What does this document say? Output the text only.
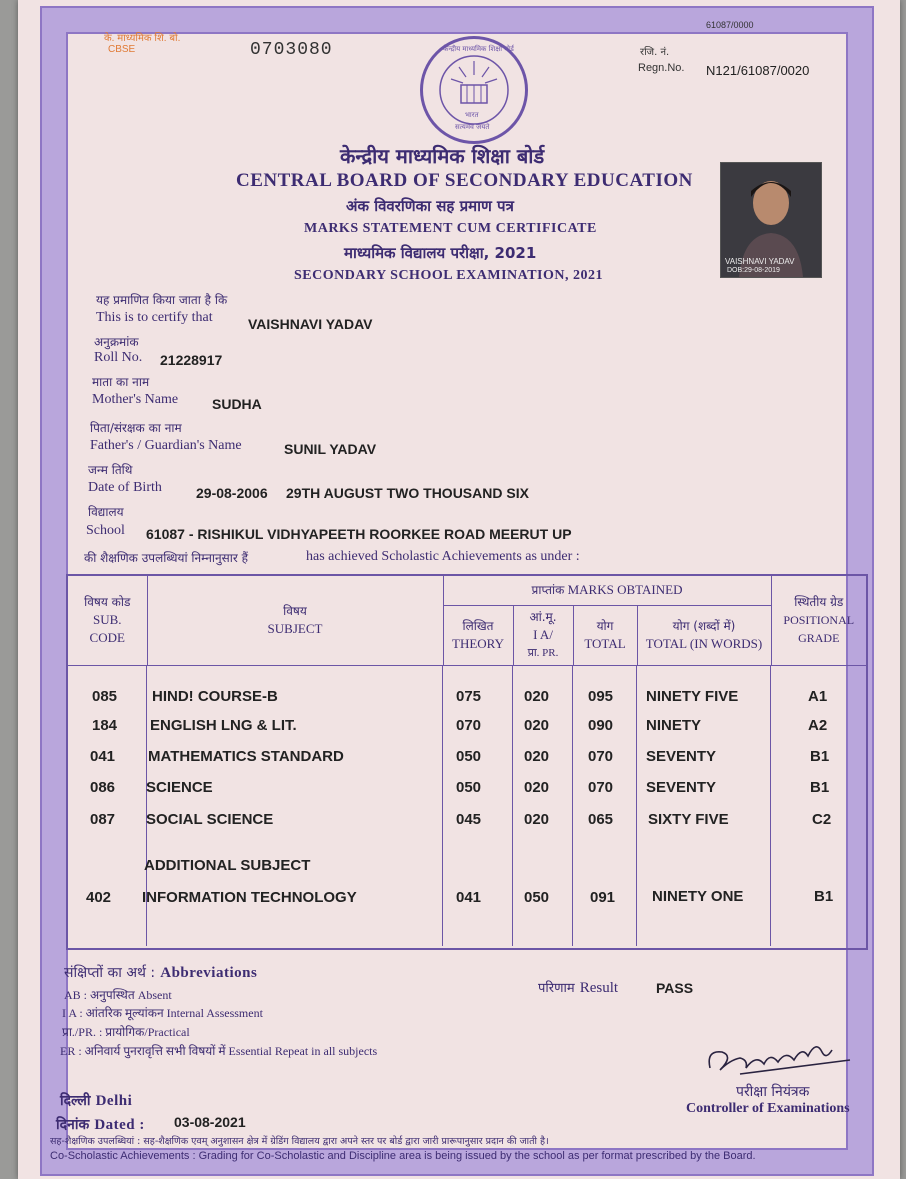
के. माध्यमिक शि. बो.
CBSE	0703080
61087/0000
रजि. नं.
Regn.No. N121/61087/0020
केन्द्रीय माध्यमिक शिक्षा बोर्ड
भारत
सत्यमेव जयते
केन्द्रीय माध्यमिक शिक्षा बोर्ड
CENTRAL BOARD OF SECONDARY EDUCATION
अंक विवरणिका सह प्रमाण पत्र
MARKS STATEMENT CUM CERTIFICATE
माध्यमिक विद्यालय परीक्षा, 2021
SECONDARY SCHOOL EXAMINATION, 2021
VAISHNAVI YADAV
DOB:29-08-2019
यह प्रमाणित किया जाता है कि
This is to certify that	VAISHNAVI YADAV
अनुक्रमांक
Roll No. 21228917
माता का नाम
Mother's Name SUDHA
पिता/संरक्षक का नाम
Father's / Guardian's Name	SUNIL YADAV
जन्म तिथि
Date of Birth 29-08-2006 29TH AUGUST TWO THOUSAND SIX
विद्यालय
School 61087 - RISHIKUL VIDHYAPEETH ROORKEE ROAD MEERUT UP
की शैक्षणिक उपलब्धियां निम्नानुसार हैं	has achieved Scholastic Achievements as under :
विषय कोड
SUB.
CODE	विषय
SUBJECT	प्राप्तांक MARKS OBTAINED				स्थितीय ग्रेड
POSITIONAL
GRADE

		लिखित
THEORY	आं.मू.
I A/
प्रा. PR.	योग
TOTAL	योग (शब्दों में)
TOTAL (IN WORDS)	

085 HIND! COURSE-B	075	020	095 NINETY FIVE	A1
184 ENGLISH LNG & LIT.	070	020	090 NINETY	A2
041 MATHEMATICS STANDARD	050	020	070 SEVENTY	B1
086 SCIENCE	050	020	070 SEVENTY	B1
087 SOCIAL SCIENCE	045	020	065 SIXTY FIVE	C2
ADDITIONAL SUBJECT
402 INFORMATION TECHNOLOGY	041	050	091 NINETY ONE	B1
संक्षिप्तों का अर्थ : Abbreviations
AB : अनुपस्थित Absent
I A : आंतरिक मूल्यांकन Internal Assessment
प्रा./PR. : प्रायोगिक/Practical
ER : अनिवार्य पुनरावृत्ति सभी विषयों में Essential Repeat in all subjects
परिणाम Result	PASS
परीक्षा नियंत्रक
Controller of Examinations
दिल्ली Delhi
दिनांक Dated : 03-08-2021
सह-शैक्षणिक उपलब्धियां : सह-शैक्षणिक एवम् अनुशासन क्षेत्र में ग्रेडिंग विद्यालय द्वारा अपने स्तर पर बोर्ड द्वारा जारी प्रारूपानुसार प्रदान की जाती है।
Co-Scholastic Achievements : Grading for Co-Scholastic and Discipline area is being issued by the school as per format prescribed by the Board.
